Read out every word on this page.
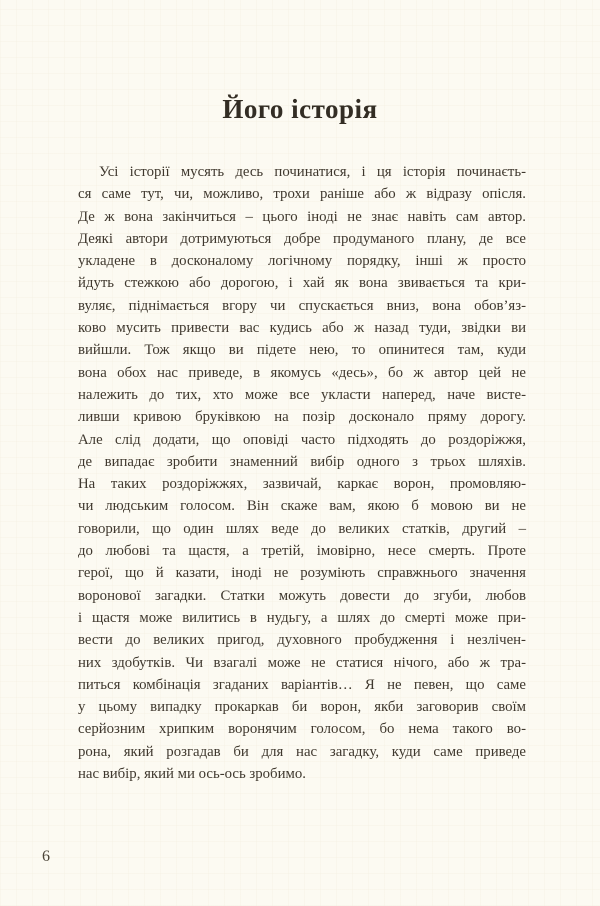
Його історія
Усі історії мусять десь починатися, і ця історія починаєть-
ся саме тут, чи, можливо, трохи раніше або ж відразу опісля.
Де ж вона закінчиться – цього іноді не знає навіть сам автор.
Деякі автори дотримуються добре продуманого плану, де все
укладене в досконалому логічному порядку, інші ж просто
йдуть стежкою або дорогою, і хай як вона звивається та кри-
вуляє, піднімається вгору чи спускається вниз, вона обов’яз-
ково мусить привести вас кудись або ж назад туди, звідки ви
вийшли. Тож якщо ви підете нею, то опинитеся там, куди
вона обох нас приведе, в якомусь «десь», бо ж автор цей не
належить до тих, хто може все укласти наперед, наче висте-
ливши кривою бруківкою на позір досконало пряму дорогу.
Але слід додати, що оповіді часто підходять до роздоріжжя,
де випадає зробити знаменний вибір одного з трьох шляхів.
На таких роздоріжжях, зазвичай, каркає ворон, промовляю-
чи людським голосом. Він скаже вам, якою б мовою ви не
говорили, що один шлях веде до великих статків, другий –
до любові та щастя, а третій, імовірно, несе смерть. Проте
герої, що й казати, іноді не розуміють справжнього значення
воронової загадки. Статки можуть довести до згуби, любов
і щастя може вилитись в нудьгу, а шлях до смерті може при-
вести до великих пригод, духовного пробудження і незлічен-
них здобутків. Чи взагалі може не статися нічого, або ж тра-
питься комбінація згаданих варіантів… Я не певен, що саме
у цьому випадку прокаркав би ворон, якби заговорив своїм
серйозним хрипким воронячим голосом, бо нема такого во-
рона, який розгадав би для нас загадку, куди саме приведе
нас вибір, який ми ось-ось зробимо.
6
